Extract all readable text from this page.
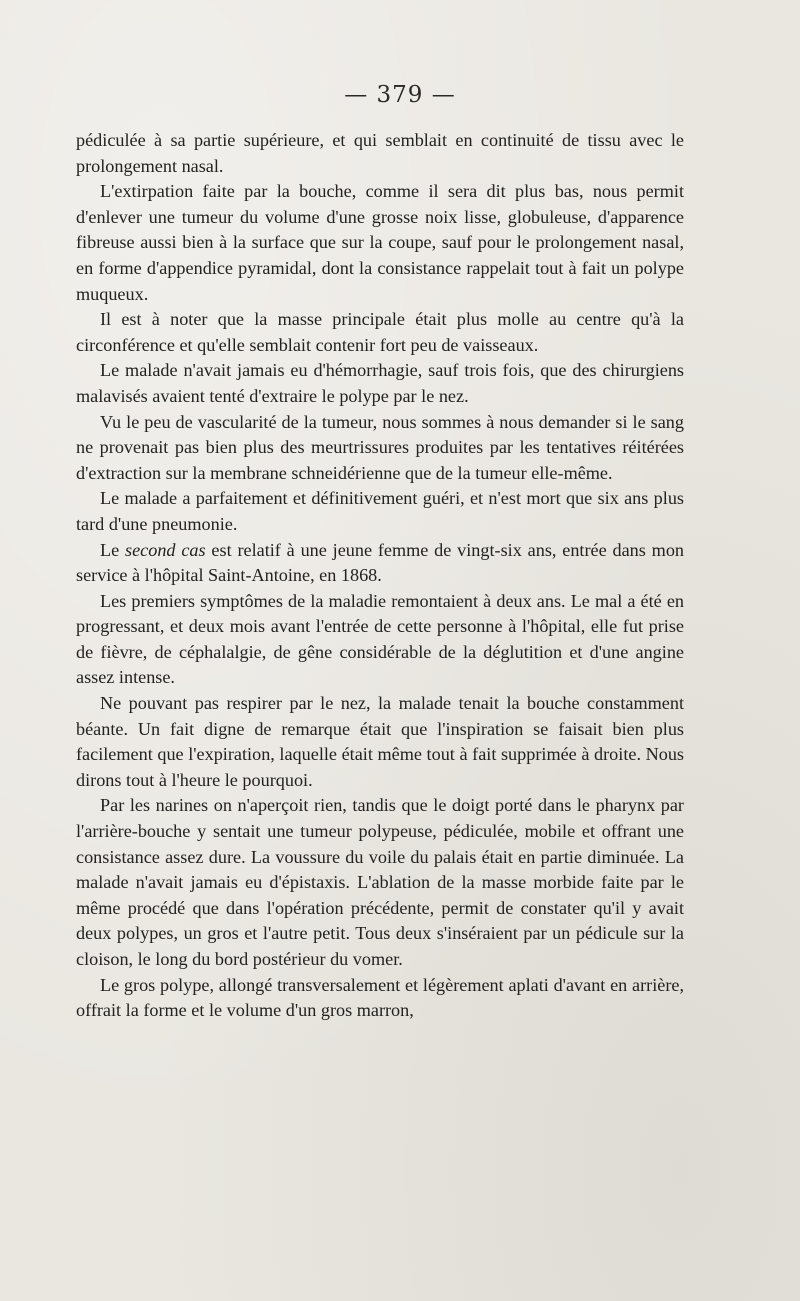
— 379 —

pédiculée à sa partie supérieure, et qui semblait en continuité de tissu avec le prolongement nasal.

L'extirpation faite par la bouche, comme il sera dit plus bas, nous permit d'enlever une tumeur du volume d'une grosse noix lisse, globuleuse, d'apparence fibreuse aussi bien à la surface que sur la coupe, sauf pour le prolongement nasal, en forme d'appendice pyramidal, dont la consistance rappelait tout à fait un polype muqueux.

Il est à noter que la masse principale était plus molle au centre qu'à la circonférence et qu'elle semblait contenir fort peu de vaisseaux.

Le malade n'avait jamais eu d'hémorrhagie, sauf trois fois, que des chirurgiens malavisés avaient tenté d'extraire le polype par le nez.

Vu le peu de vascularité de la tumeur, nous sommes à nous demander si le sang ne provenait pas bien plus des meurtrissures produites par les tentatives réitérées d'extraction sur la membrane schneidérienne que de la tumeur elle-même.

Le malade a parfaitement et définitivement guéri, et n'est mort que six ans plus tard d'une pneumonie.

Le second cas est relatif à une jeune femme de vingt-six ans, entrée dans mon service à l'hôpital Saint-Antoine, en 1868.

Les premiers symptômes de la maladie remontaient à deux ans. Le mal a été en progressant, et deux mois avant l'entrée de cette personne à l'hôpital, elle fut prise de fièvre, de céphalalgie, de gêne considérable de la déglutition et d'une angine assez intense.

Ne pouvant pas respirer par le nez, la malade tenait la bouche constamment béante. Un fait digne de remarque était que l'inspiration se faisait bien plus facilement que l'expiration, laquelle était même tout à fait supprimée à droite. Nous dirons tout à l'heure le pourquoi.

Par les narines on n'aperçoit rien, tandis que le doigt porté dans le pharynx par l'arrière-bouche y sentait une tumeur polypeuse, pédiculée, mobile et offrant une consistance assez dure. La voussure du voile du palais était en partie diminuée. La malade n'avait jamais eu d'épistaxis. L'ablation de la masse morbide faite par le même procédé que dans l'opération précédente, permit de constater qu'il y avait deux polypes, un gros et l'autre petit. Tous deux s'inséraient par un pédicule sur la cloison, le long du bord postérieur du vomer.

Le gros polype, allongé transversalement et légèrement aplati d'avant en arrière, offrait la forme et le volume d'un gros marron,
